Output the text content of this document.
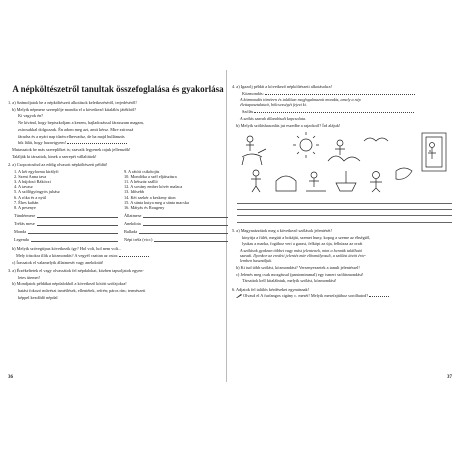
A népköltészetről tanultak összefoglalása és gyakorlása
1. a) Számoljatok be a népköltészeti alkotások keletkezéséről, terjedéséről!
b) Melyik népmese szereplője mondta el a következő kitalálós játékból?
Ki vagyok én?
Ne kívánd, hogy bepiszkoljam a kezem, hajladozással fárasszam magam,
zsírosakkal dolgozzak. Én adom meg azt, amit kérsz. Mire zsírossá
fáradsz és a nyári nap tűzén elhervadsz, de ha majd hullámzás
bik lálát, hogy hazavigyem!
Mutassatok be más szereplőket is; szavaik legyenek rajuk jellemzők!
Találják ki társaitok, kinek a szerepét vállaltátok!
2. a) Csoportosítsd az eddig olvasott népköltészeti példát!
1. A két egyforma királyfi	9. A rátóti csikótojás
2. Szent Anna tava	10. Mondóka a szél eljátszásra
3. A bújdosó Rákóczi	11. A hétszáz szálló
4. A tavasz	12. A sovány ember kövér malaca
5. A szőlőgyöngyös juhász	13. Idősebb
6. A róka és a nyúl	14. Két szekér a keskeny úton
7. Éhes kaftán	15. A sánta kutya meg a sánta macska
8. A pesenye	16. Mátyás és Rougeny
Tündérmese	Állatmese
Tréfás mese	Anekdota
Monda	Ballada
Legenda	Népi tréfa (vicc)
b) Melyik szövegtípus következik így? Hol volt, hol nem volt...
Mely írásokra illik a közmondás? A vegyél csattan az ostor.
c) Írassatok el valamelyik állatmesét vagy anekdotát!
3. a) Érzékeltetek el vagy olvassátok fel népdalokat, közben tapsoljatok egyen-
letes ütemet!
b) Mondjatok példákat népdalokból a következő kötött szófajokra!
hatást fokozó művészi ismétlések, ellentétek, refrén; páros rím; természeti
képpel kezdődő népdal
36
4. a) Igazolj példát a következő népköltészeti alkotásokra!
Közmondás:
A közmondás tömören és találóan megfogalmazott mondás, amely a nép
élettapasztalatait, bölcsességét fejezi ki.
Szólás
A szólás szavak állandósult kapcsolata.
b) Melyik szóláshasonlás jut eszedbe a rajzokról? Írd alájuk!
5. a) Magyarázzátok meg a következő szólások jelentését!
kinyitja a fülét, megüti a bokáját, szemet huny, kopog a szeme az éhségtől,
lyukas a marka, fogához veri a garast, felköpi az úja, felhúzza az orrát
A szólások gyakran többet vagy mást jelentenek, mint a bennük található
szavak. Ilyenkor az eredeti jelentés már elhomályosult, a szólást átvitt érte-
lemben használjuk.
b) Ki tud több szólást, közmondást? Versenyezzetek a tanult jelentéssel!
c) Jelenés meg csak mozgással (pantomimmal) egy ismert szólásmondást!
Társaitok kell kitalálniuk, melyik szólást, közmondást!
6. Adjatok fel találós kérdéseket egymásnak!
Olvasd el A furfangos cigány c. mesét! Melyik mesefajtához sorolhatod?
37
